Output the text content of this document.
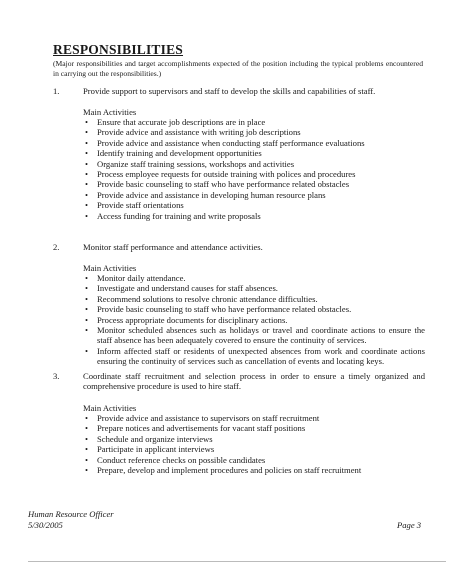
RESPONSIBILITIES
(Major responsibilities and target accomplishments expected of the position including the typical problems encountered in carrying out the responsibilities.)
1.	Provide support to supervisors and staff to develop the skills and capabilities of staff.
Main Activities
• Ensure that accurate job descriptions are in place
• Provide advice and assistance with writing job descriptions
• Provide advice and assistance when conducting staff performance evaluations
• Identify training and development opportunities
• Organize staff training sessions, workshops and activities
• Process employee requests for outside training with polices and procedures
• Provide basic counseling to staff who have performance related obstacles
• Provide advice and assistance in developing human resource plans
• Provide staff orientations
• Access funding for training and write proposals
2.	Monitor staff performance and attendance activities.
Main Activities
• Monitor daily attendance.
• Investigate and understand causes for staff absences.
• Recommend solutions to resolve chronic attendance difficulties.
• Provide basic counseling to staff who have performance related obstacles.
• Process appropriate documents for disciplinary actions.
• Monitor scheduled absences such as holidays or travel and coordinate actions to ensure the staff absence has been adequately covered to ensure the continuity of services.
• Inform affected staff or residents of unexpected absences from work and coordinate actions ensuring the continuity of services such as cancellation of events and locating keys.
3.	Coordinate staff recruitment and selection process in order to ensure a timely organized and comprehensive procedure is used to hire staff.
Main Activities
• Provide advice and assistance to supervisors on staff recruitment
• Prepare notices and advertisements for vacant staff positions
• Schedule and organize interviews
• Participate in applicant interviews
• Conduct reference checks on possible candidates
• Prepare, develop and implement procedures and policies on staff recruitment
Human Resource Officer
5/30/2005	Page 3
